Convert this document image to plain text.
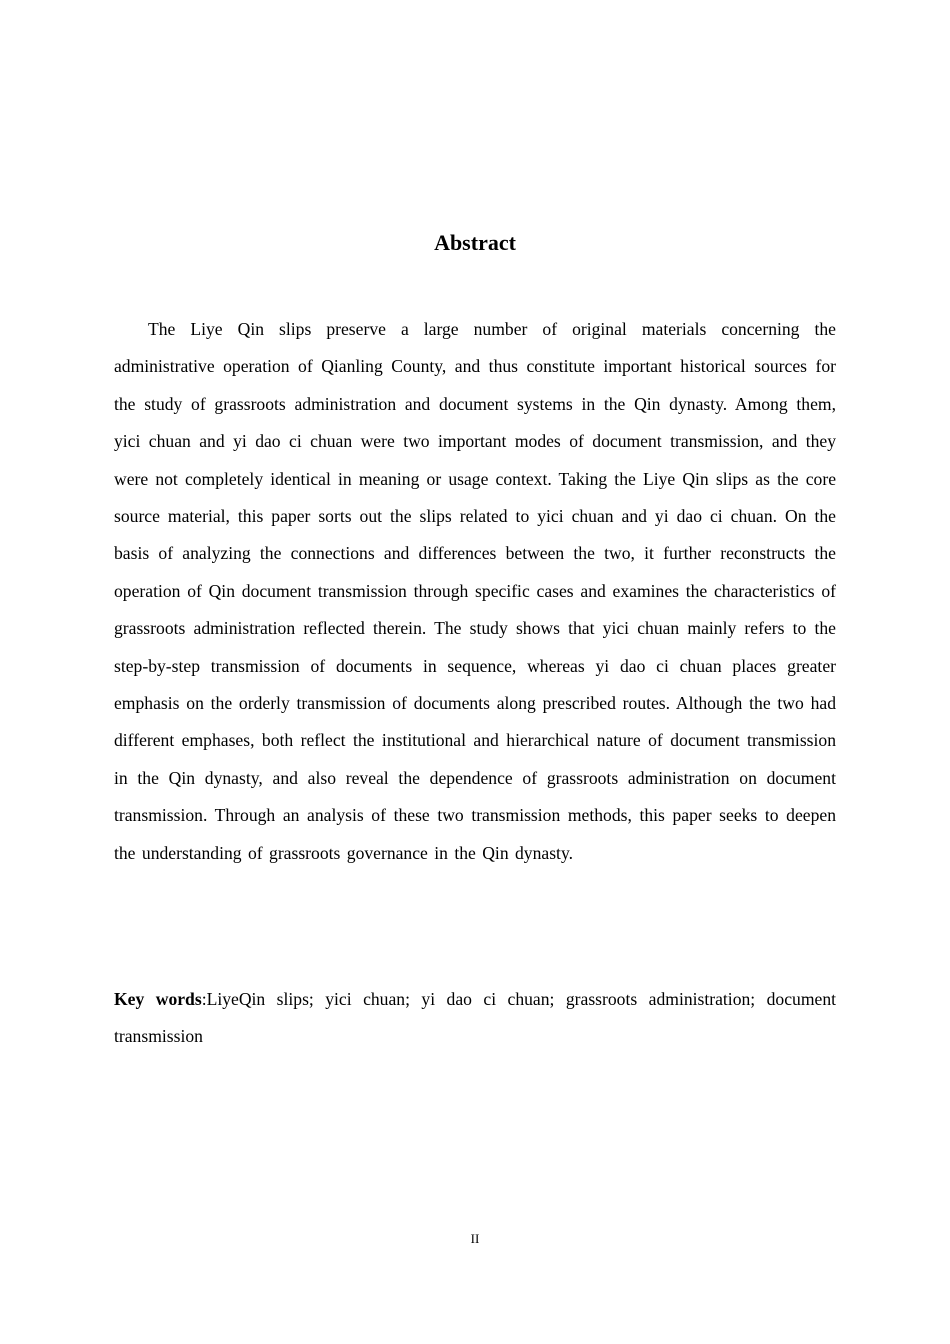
Abstract

The Liye Qin slips preserve a large number of original materials concerning the administrative operation of Qianling County, and thus constitute important historical sources for the study of grassroots administration and document systems in the Qin dynasty. Among them, yici chuan and yi dao ci chuan were two important modes of document transmission, and they were not completely identical in meaning or usage context. Taking the Liye Qin slips as the core source material, this paper sorts out the slips related to yici chuan and yi dao ci chuan. On the basis of analyzing the connections and differences between the two, it further reconstructs the operation of Qin document transmission through specific cases and examines the characteristics of grassroots administration reflected therein. The study shows that yici chuan mainly refers to the step-by-step transmission of documents in sequence, whereas yi dao ci chuan places greater emphasis on the orderly transmission of documents along prescribed routes. Although the two had different emphases, both reflect the institutional and hierarchical nature of document transmission in the Qin dynasty, and also reveal the dependence of grassroots administration on document transmission. Through an analysis of these two transmission methods, this paper seeks to deepen the understanding of grassroots governance in the Qin dynasty.

Key words:LiyeQin slips; yici chuan; yi dao ci chuan; grassroots administration; document transmission

II
